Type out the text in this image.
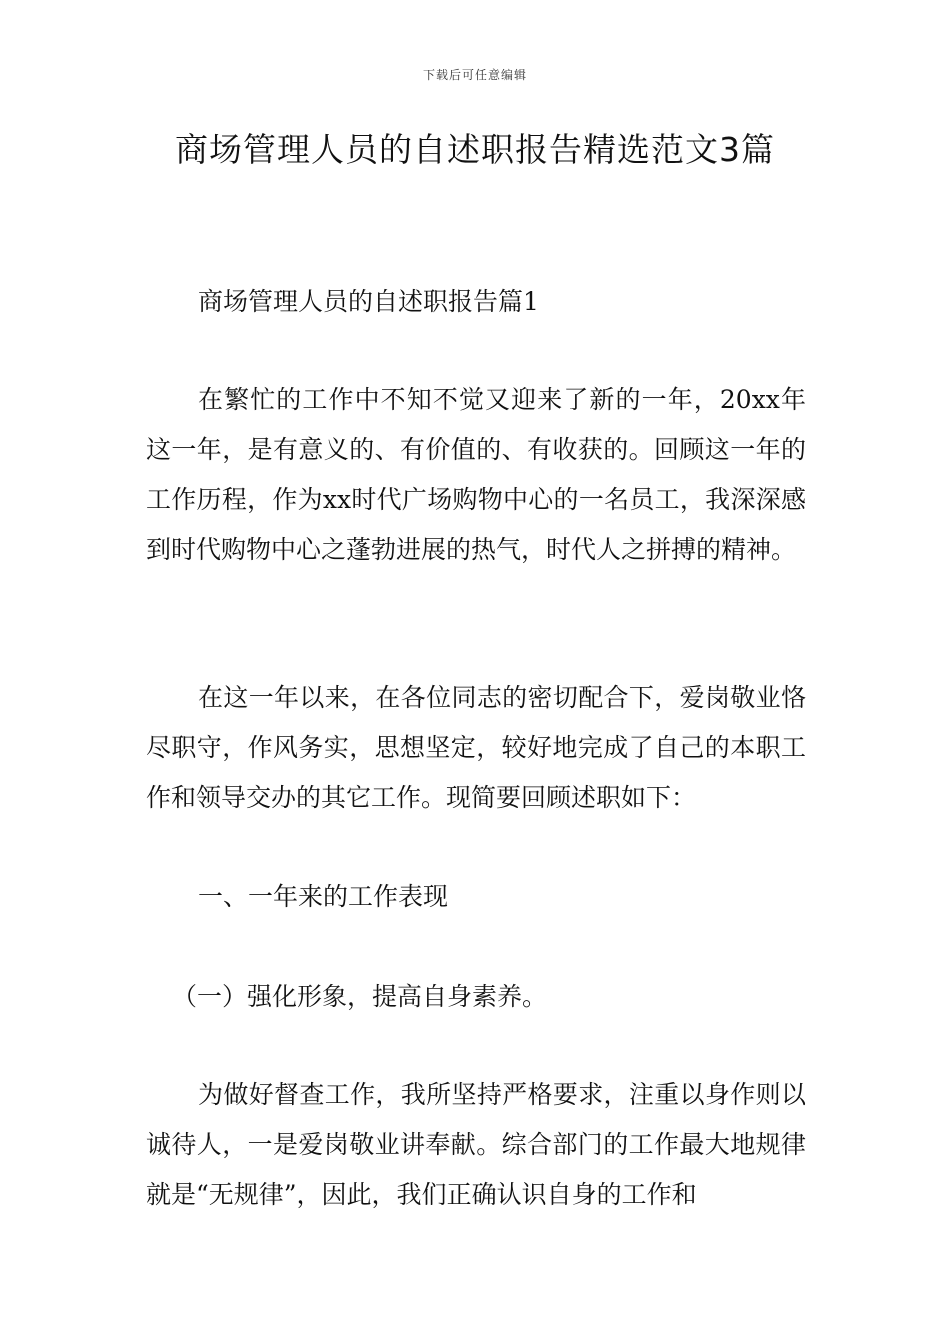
下载后可任意编辑
商场管理人员的自述职报告精选范文3篇

商场管理人员的自述职报告篇1

在繁忙的工作中不知不觉又迎来了新的一年，20xx年这一年，是有意义的、有价值的、有收获的。回顾这一年的工作历程，作为xx时代广场购物中心的一名员工，我深深感到时代购物中心之蓬勃进展的热气，时代人之拼搏的精神。

在这一年以来，在各位同志的密切配合下，爱岗敬业恪尽职守，作风务实，思想坚定，较好地完成了自己的本职工作和领导交办的其它工作。现简要回顾述职如下：

一、一年来的工作表现

（一）强化形象，提高自身素养。

为做好督查工作，我所坚持严格要求，注重以身作则以诚待人，一是爱岗敬业讲奉献。综合部门的工作最大地规律就是“无规律”，因此，我们正确认识自身的工作和
